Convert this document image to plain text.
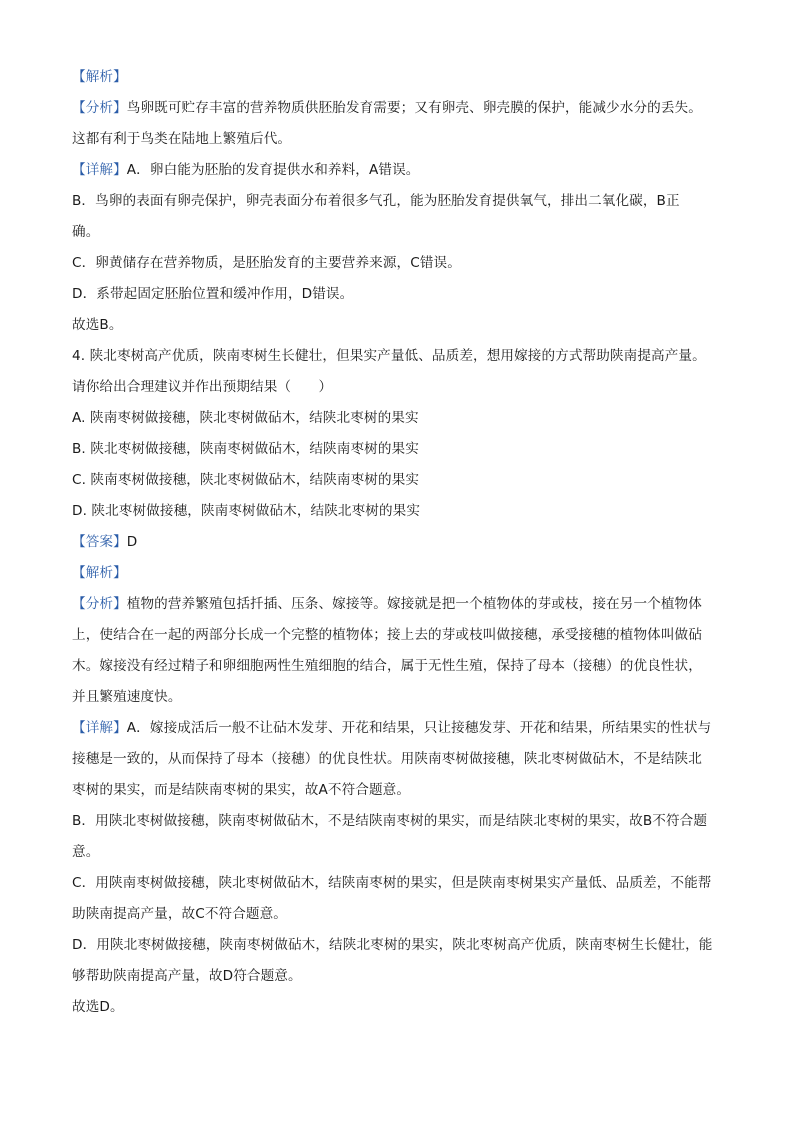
【解析】
【分析】鸟卵既可贮存丰富的营养物质供胚胎发育需要；又有卵壳、卵壳膜的保护，能减少水分的丢失。
这都有利于鸟类在陆地上繁殖后代。
【详解】A．卵白能为胚胎的发育提供水和养料，A错误。
B．鸟卵的表面有卵壳保护，卵壳表面分布着很多气孔，能为胚胎发育提供氧气，排出二氧化碳，B正
确。
C．卵黄储存在营养物质，是胚胎发育的主要营养来源，C错误。
D．系带起固定胚胎位置和缓冲作用，D错误。
故选B。
4. 陕北枣树高产优质，陕南枣树生长健壮，但果实产量低、品质差，想用嫁接的方式帮助陕南提高产量。
请你给出合理建议并作出预期结果（　　）
A. 陕南枣树做接穗，陕北枣树做砧木，结陕北枣树的果实
B. 陕北枣树做接穗，陕南枣树做砧木，结陕南枣树的果实
C. 陕南枣树做接穗，陕北枣树做砧木，结陕南枣树的果实
D. 陕北枣树做接穗，陕南枣树做砧木，结陕北枣树的果实
【答案】D
【解析】
【分析】植物的营养繁殖包括扦插、压条、嫁接等。嫁接就是把一个植物体的芽或枝，接在另一个植物体
上，使结合在一起的两部分长成一个完整的植物体；接上去的芽或枝叫做接穗，承受接穗的植物体叫做砧
木。嫁接没有经过精子和卵细胞两性生殖细胞的结合，属于无性生殖，保持了母本（接穗）的优良性状，
并且繁殖速度快。
【详解】A．嫁接成活后一般不让砧木发芽、开花和结果，只让接穗发芽、开花和结果，所结果实的性状与
接穗是一致的，从而保持了母本（接穗）的优良性状。用陕南枣树做接穗，陕北枣树做砧木，不是结陕北
枣树的果实，而是结陕南枣树的果实，故A不符合题意。
B．用陕北枣树做接穗，陕南枣树做砧木，不是结陕南枣树的果实，而是结陕北枣树的果实，故B不符合题
意。
C．用陕南枣树做接穗，陕北枣树做砧木，结陕南枣树的果实，但是陕南枣树果实产量低、品质差，不能帮
助陕南提高产量，故C不符合题意。
D．用陕北枣树做接穗，陕南枣树做砧木，结陕北枣树的果实，陕北枣树高产优质，陕南枣树生长健壮，能
够帮助陕南提高产量，故D符合题意。
故选D。
